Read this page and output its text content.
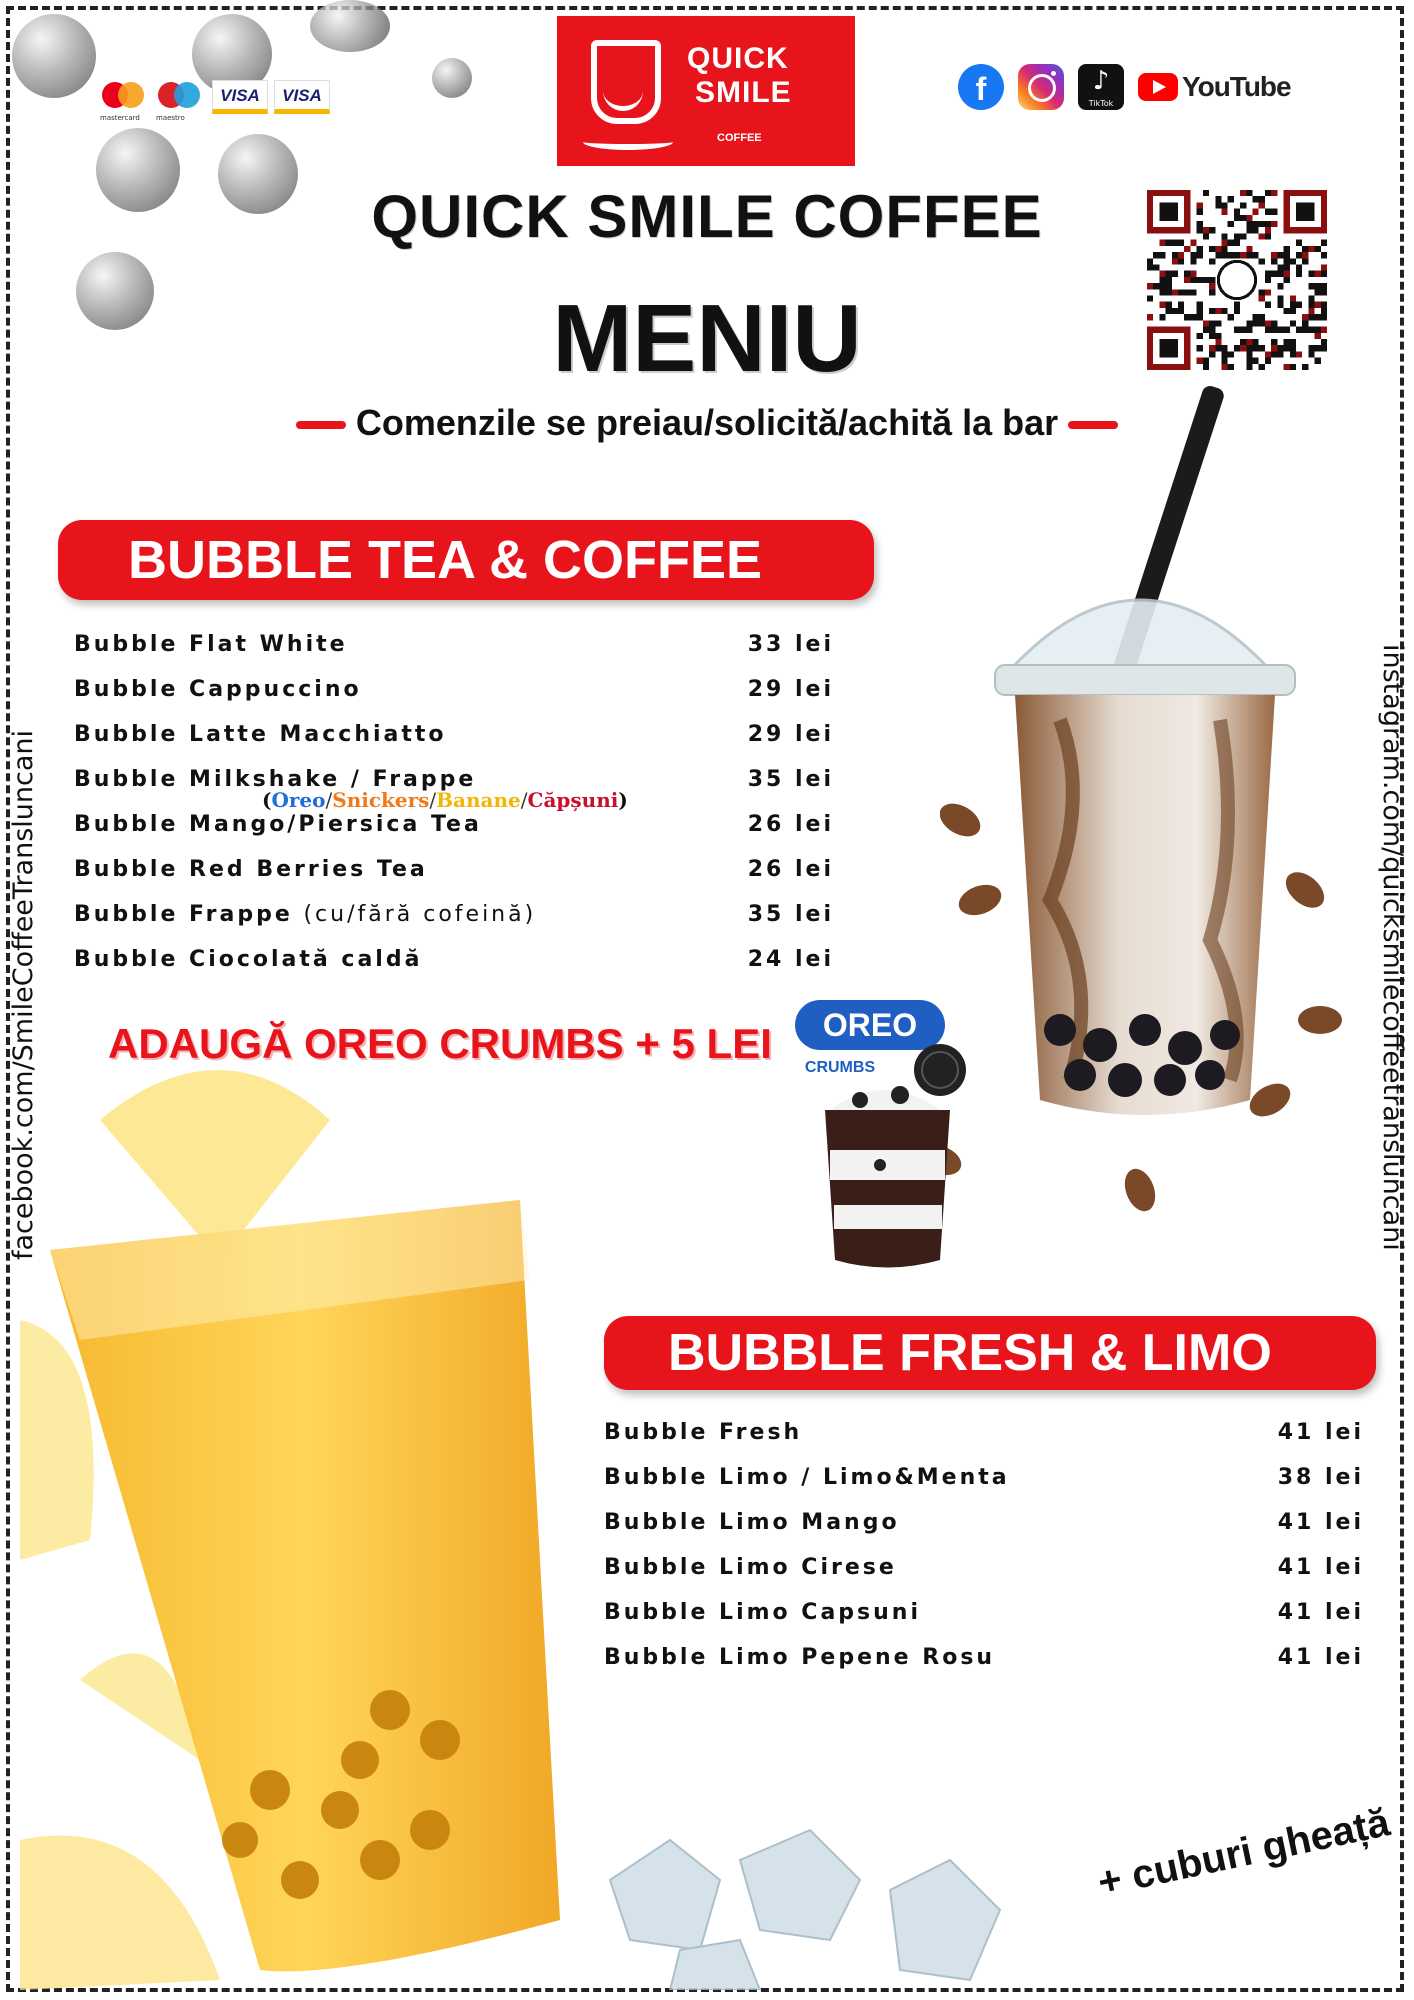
mastercard	maestro
VISA	VISA
QUICK
SMILE
COFFEE
f	♪
TikTok
YouTube
QUICK SMILE COFFEE
MENIU
Comenzile se preiau/solicită/achită la bar
OREO
CRUMBS
BUBBLE TEA & COFFEE
Bubble Flat White	33 lei
Bubble Cappuccino	29 lei
Bubble Latte Macchiatto	29 lei
Bubble Milkshake / Frappe	35 lei
Bubble Mango/Piersica Tea	26 lei
Bubble Red Berries Tea	26 lei
Bubble Frappe (cu/fără cofeină)	35 lei
Bubble Ciocolată caldă	24 lei
(Oreo/Snickers/Banane/Căpșuni)
ADAUGĂ OREO CRUMBS + 5 LEI
BUBBLE FRESH & LIMO
Bubble Fresh	41 lei
Bubble Limo / Limo&Menta	38 lei
Bubble Limo Mango	41 lei
Bubble Limo Cirese	41 lei
Bubble Limo Capsuni	41 lei
Bubble Limo Pepene Rosu	41 lei
facebook.com/SmileCoffeeTransluncani	instagram.com/quicksmilecoffeetransluncani
+ cuburi gheață
